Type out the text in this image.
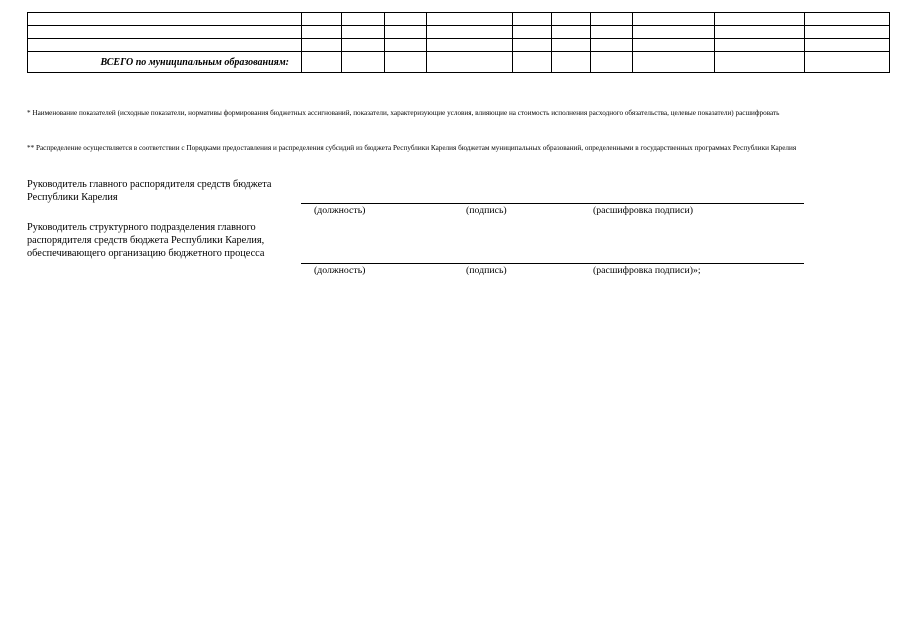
ВСЕГО по муниципальным образованиям:										

* Наименование показателей (исходные показатели, нормативы формирования бюджетных ассигнований, показатели, характеризующие условия, влияющие на стоимость исполнения расходного обязательства, целевые показатели) расшифровать

** Распределение осуществляется в соответствии с Порядками предоставления и распределения субсидий из бюджета Республики Карелия бюджетам муниципальных образований, определенными в государственных программах Республики Карелия

Руководитель главного распорядителя средств бюджета Республики Карелия

(должность)	(подпись)	(расшифровка подписи)

Руководитель структурного подразделения главного распорядителя средств бюджета Республики Карелия, обеспечивающего организацию бюджетного процесса

(должность)	(подпись)	(расшифровка подписи)»;
